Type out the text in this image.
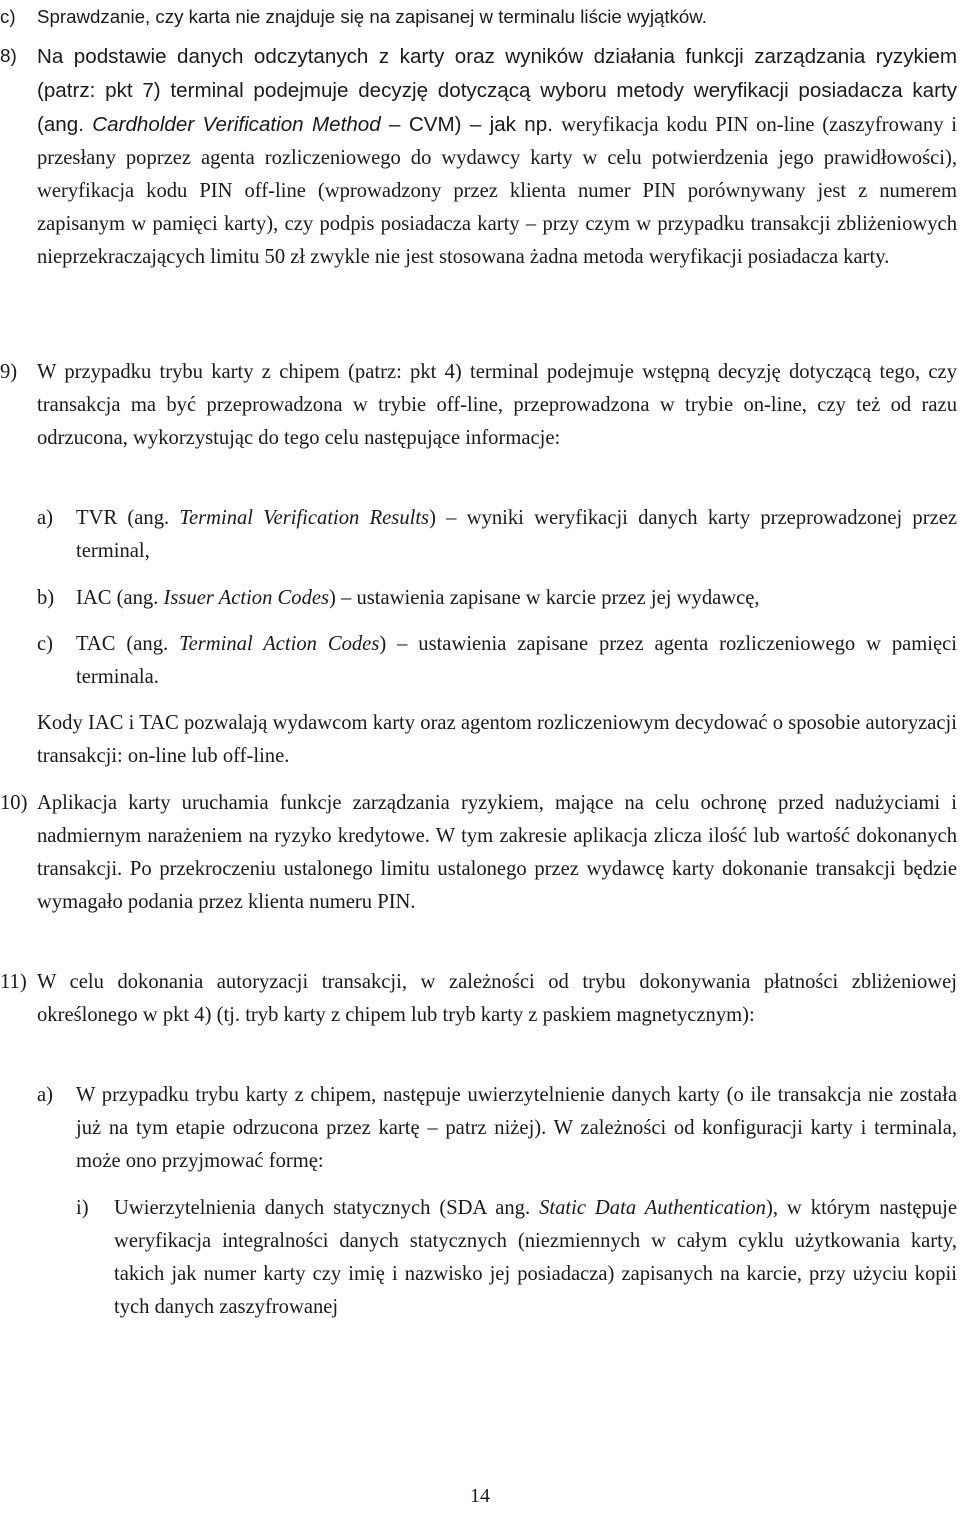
c) Sprawdzanie, czy karta nie znajduje się na zapisanej w terminalu liście wyjątków.

8) Na podstawie danych odczytanych z karty oraz wyników działania funkcji zarządzania ryzykiem (patrz: pkt 7) terminal podejmuje decyzję dotyczącą wyboru metody weryfikacji posiadacza karty (ang. Cardholder Verification Method – CVM) – jak np. weryfikacja kodu PIN on-line (zaszyfrowany i przesłany poprzez agenta rozliczeniowego do wydawcy karty w celu potwierdzenia jego prawidłowości), weryfikacja kodu PIN off-line (wprowadzony przez klienta numer PIN porównywany jest z numerem zapisanym w pamięci karty), czy podpis posiadacza karty – przy czym w przypadku transakcji zbliżeniowych nieprzekraczających limitu 50 zł zwykle nie jest stosowana żadna metoda weryfikacji posiadacza karty.

9) W przypadku trybu karty z chipem (patrz: pkt 4) terminal podejmuje wstępną decyzję dotyczącą tego, czy transakcja ma być przeprowadzona w trybie off-line, przeprowadzona w trybie on-line, czy też od razu odrzucona, wykorzystując do tego celu następujące informacje:

a) TVR (ang. Terminal Verification Results) – wyniki weryfikacji danych karty przeprowadzonej przez terminal,

b) IAC (ang. Issuer Action Codes) – ustawienia zapisane w karcie przez jej wydawcę,

c) TAC (ang. Terminal Action Codes) – ustawienia zapisane przez agenta rozliczeniowego w pamięci terminala.

Kody IAC i TAC pozwalają wydawcom karty oraz agentom rozliczeniowym decydować o sposobie autoryzacji transakcji: on-line lub off-line.

10) Aplikacja karty uruchamia funkcje zarządzania ryzykiem, mające na celu ochronę przed nadużyciami i nadmiernym narażeniem na ryzyko kredytowe. W tym zakresie aplikacja zlicza ilość lub wartość dokonanych transakcji. Po przekroczeniu ustalonego limitu ustalonego przez wydawcę karty dokonanie transakcji będzie wymagało podania przez klienta numeru PIN.

11) W celu dokonania autoryzacji transakcji, w zależności od trybu dokonywania płatności zbliżeniowej określonego w pkt 4) (tj. tryb karty z chipem lub tryb karty z paskiem magnetycznym):

a) W przypadku trybu karty z chipem, następuje uwierzytelnienie danych karty (o ile transakcja nie została już na tym etapie odrzucona przez kartę – patrz niżej). W zależności od konfiguracji karty i terminala, może ono przyjmować formę:

i) Uwierzytelnienia danych statycznych (SDA ang. Static Data Authentication), w którym następuje weryfikacja integralności danych statycznych (niezmiennych w całym cyklu użytkowania karty, takich jak numer karty czy imię i nazwisko jej posiadacza) zapisanych na karcie, przy użyciu kopii tych danych zaszyfrowanej

14
